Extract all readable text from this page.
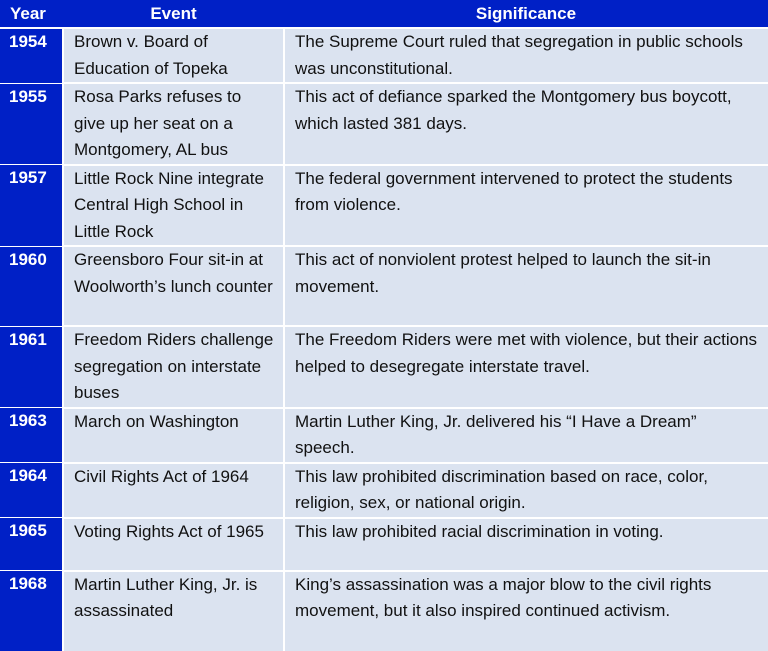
Year	Event	Significance
1954	Brown v. Board of Education of Topeka	The Supreme Court ruled that segregation in public schools was unconstitutional.
1955	Rosa Parks refuses to give up her seat on a Montgomery, AL bus	This act of defiance sparked the Montgomery bus boycott, which lasted 381 days.
1957	Little Rock Nine integrate Central High School in Little Rock	The federal government intervened to protect the students from violence.
1960	Greensboro Four sit-in at Woolworth’s lunch counter	This act of nonviolent protest helped to launch the sit-in movement.
1961	Freedom Riders challenge segregation on interstate buses	The Freedom Riders were met with violence, but their actions helped to desegregate interstate travel.
1963	March on Washington	Martin Luther King, Jr. delivered his “I Have a Dream” speech.
1964	Civil Rights Act of 1964	This law prohibited discrimination based on race, color, religion, sex, or national origin.
1965	Voting Rights Act of 1965	This law prohibited racial discrimination in voting.
1968	Martin Luther King, Jr. is assassinated	King’s assassination was a major blow to the civil rights movement, but it also inspired continued activism.
